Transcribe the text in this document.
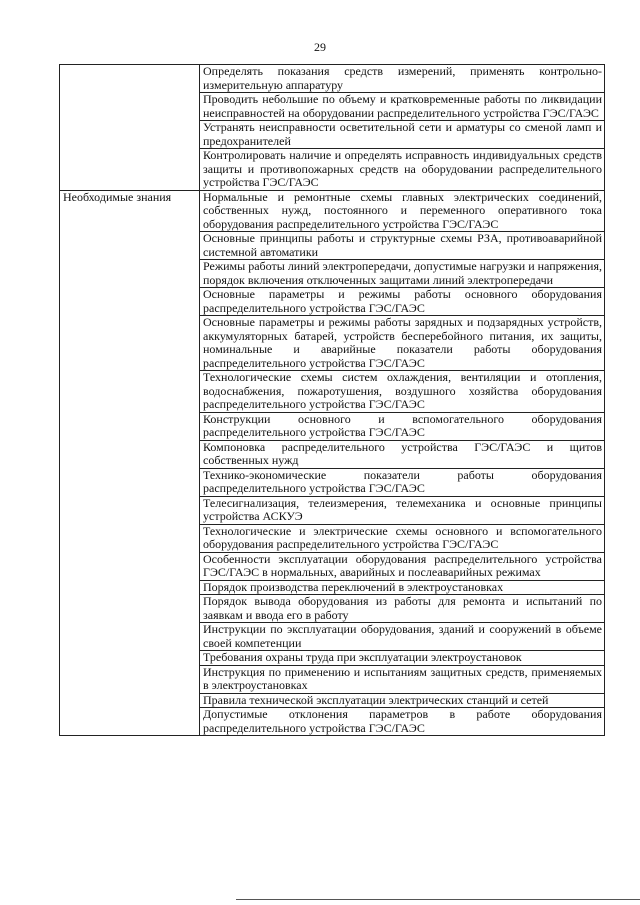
29
	Определять показания средств измерений, применять контрольно-измерительную аппаратуру
	Проводить небольшие по объему и кратковременные работы по ликвидации неисправностей на оборудовании распределительного устройства ГЭС/ГАЭС
	Устранять неисправности осветительной сети и арматуры со сменой ламп и предохранителей
	Контролировать наличие и определять исправность индивидуальных средств защиты и противопожарных средств на оборудовании распределительного устройства ГЭС/ГАЭС
Необходимые знания	Нормальные и ремонтные схемы главных электрических соединений, собственных нужд, постоянного и переменного оперативного тока оборудования распределительного устройства ГЭС/ГАЭС
	Основные принципы работы и структурные схемы РЗА, противоаварийной системной автоматики
	Режимы работы линий электропередачи, допустимые нагрузки и напряжения, порядок включения отключенных защитами линий электропередачи
	Основные параметры и режимы работы основного оборудования распределительного устройства ГЭС/ГАЭС
	Основные параметры и режимы работы зарядных и подзарядных устройств, аккумуляторных батарей, устройств бесперебойного питания, их защиты, номинальные и аварийные показатели работы оборудования распределительного устройства ГЭС/ГАЭС
	Технологические схемы систем охлаждения, вентиляции и отопления, водоснабжения, пожаротушения, воздушного хозяйства оборудования распределительного устройства ГЭС/ГАЭС
	Конструкции основного и вспомогательного оборудования распределительного устройства ГЭС/ГАЭС
	Компоновка распределительного устройства ГЭС/ГАЭС и щитов собственных нужд
	Технико-экономические показатели работы оборудования распределительного устройства ГЭС/ГАЭС
	Телесигнализация, телеизмерения, телемеханика и основные принципы устройства АСКУЭ
	Технологические и электрические схемы основного и вспомогательного оборудования распределительного устройства ГЭС/ГАЭС
	Особенности эксплуатации оборудования распределительного устройства ГЭС/ГАЭС в нормальных, аварийных и послеаварийных режимах
	Порядок производства переключений в электроустановках
	Порядок вывода оборудования из работы для ремонта и испытаний по заявкам и ввода его в работу
	Инструкции по эксплуатации оборудования, зданий и сооружений в объеме своей компетенции
	Требования охраны труда при эксплуатации электроустановок
	Инструкция по применению и испытаниям защитных средств, применяемых в электроустановках
	Правила технической эксплуатации электрических станций и сетей
	Допустимые отклонения параметров в работе оборудования распределительного устройства ГЭС/ГАЭС
